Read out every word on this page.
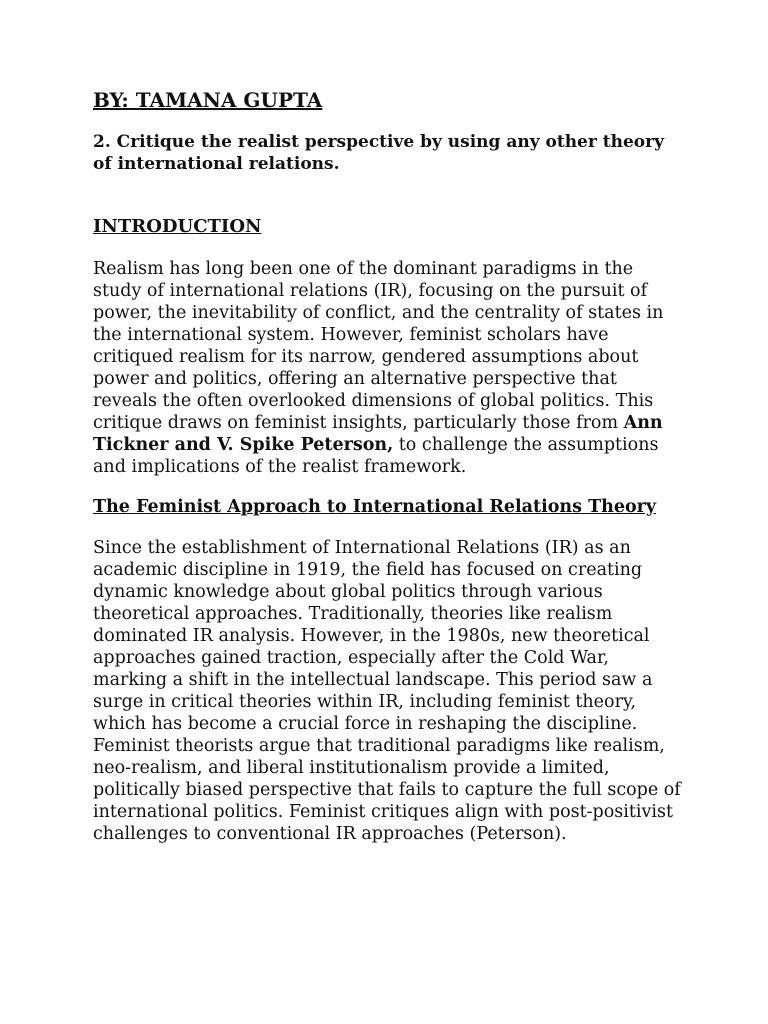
BY: TAMANA GUPTA
2. Critique the realist perspective by using any other theory of international relations.
INTRODUCTION
Realism has long been one of the dominant paradigms in the study of international relations (IR), focusing on the pursuit of power, the inevitability of conflict, and the centrality of states in the international system. However, feminist scholars have critiqued realism for its narrow, gendered assumptions about power and politics, offering an alternative perspective that reveals the often overlooked dimensions of global politics. This critique draws on feminist insights, particularly those from Ann Tickner and V. Spike Peterson, to challenge the assumptions and implications of the realist framework.
The Feminist Approach to International Relations Theory
Since the establishment of International Relations (IR) as an academic discipline in 1919, the field has focused on creating dynamic knowledge about global politics through various theoretical approaches. Traditionally, theories like realism dominated IR analysis. However, in the 1980s, new theoretical approaches gained traction, especially after the Cold War, marking a shift in the intellectual landscape. This period saw a surge in critical theories within IR, including feminist theory, which has become a crucial force in reshaping the discipline. Feminist theorists argue that traditional paradigms like realism, neo-realism, and liberal institutionalism provide a limited, politically biased perspective that fails to capture the full scope of international politics. Feminist critiques align with post-positivist challenges to conventional IR approaches (Peterson).
